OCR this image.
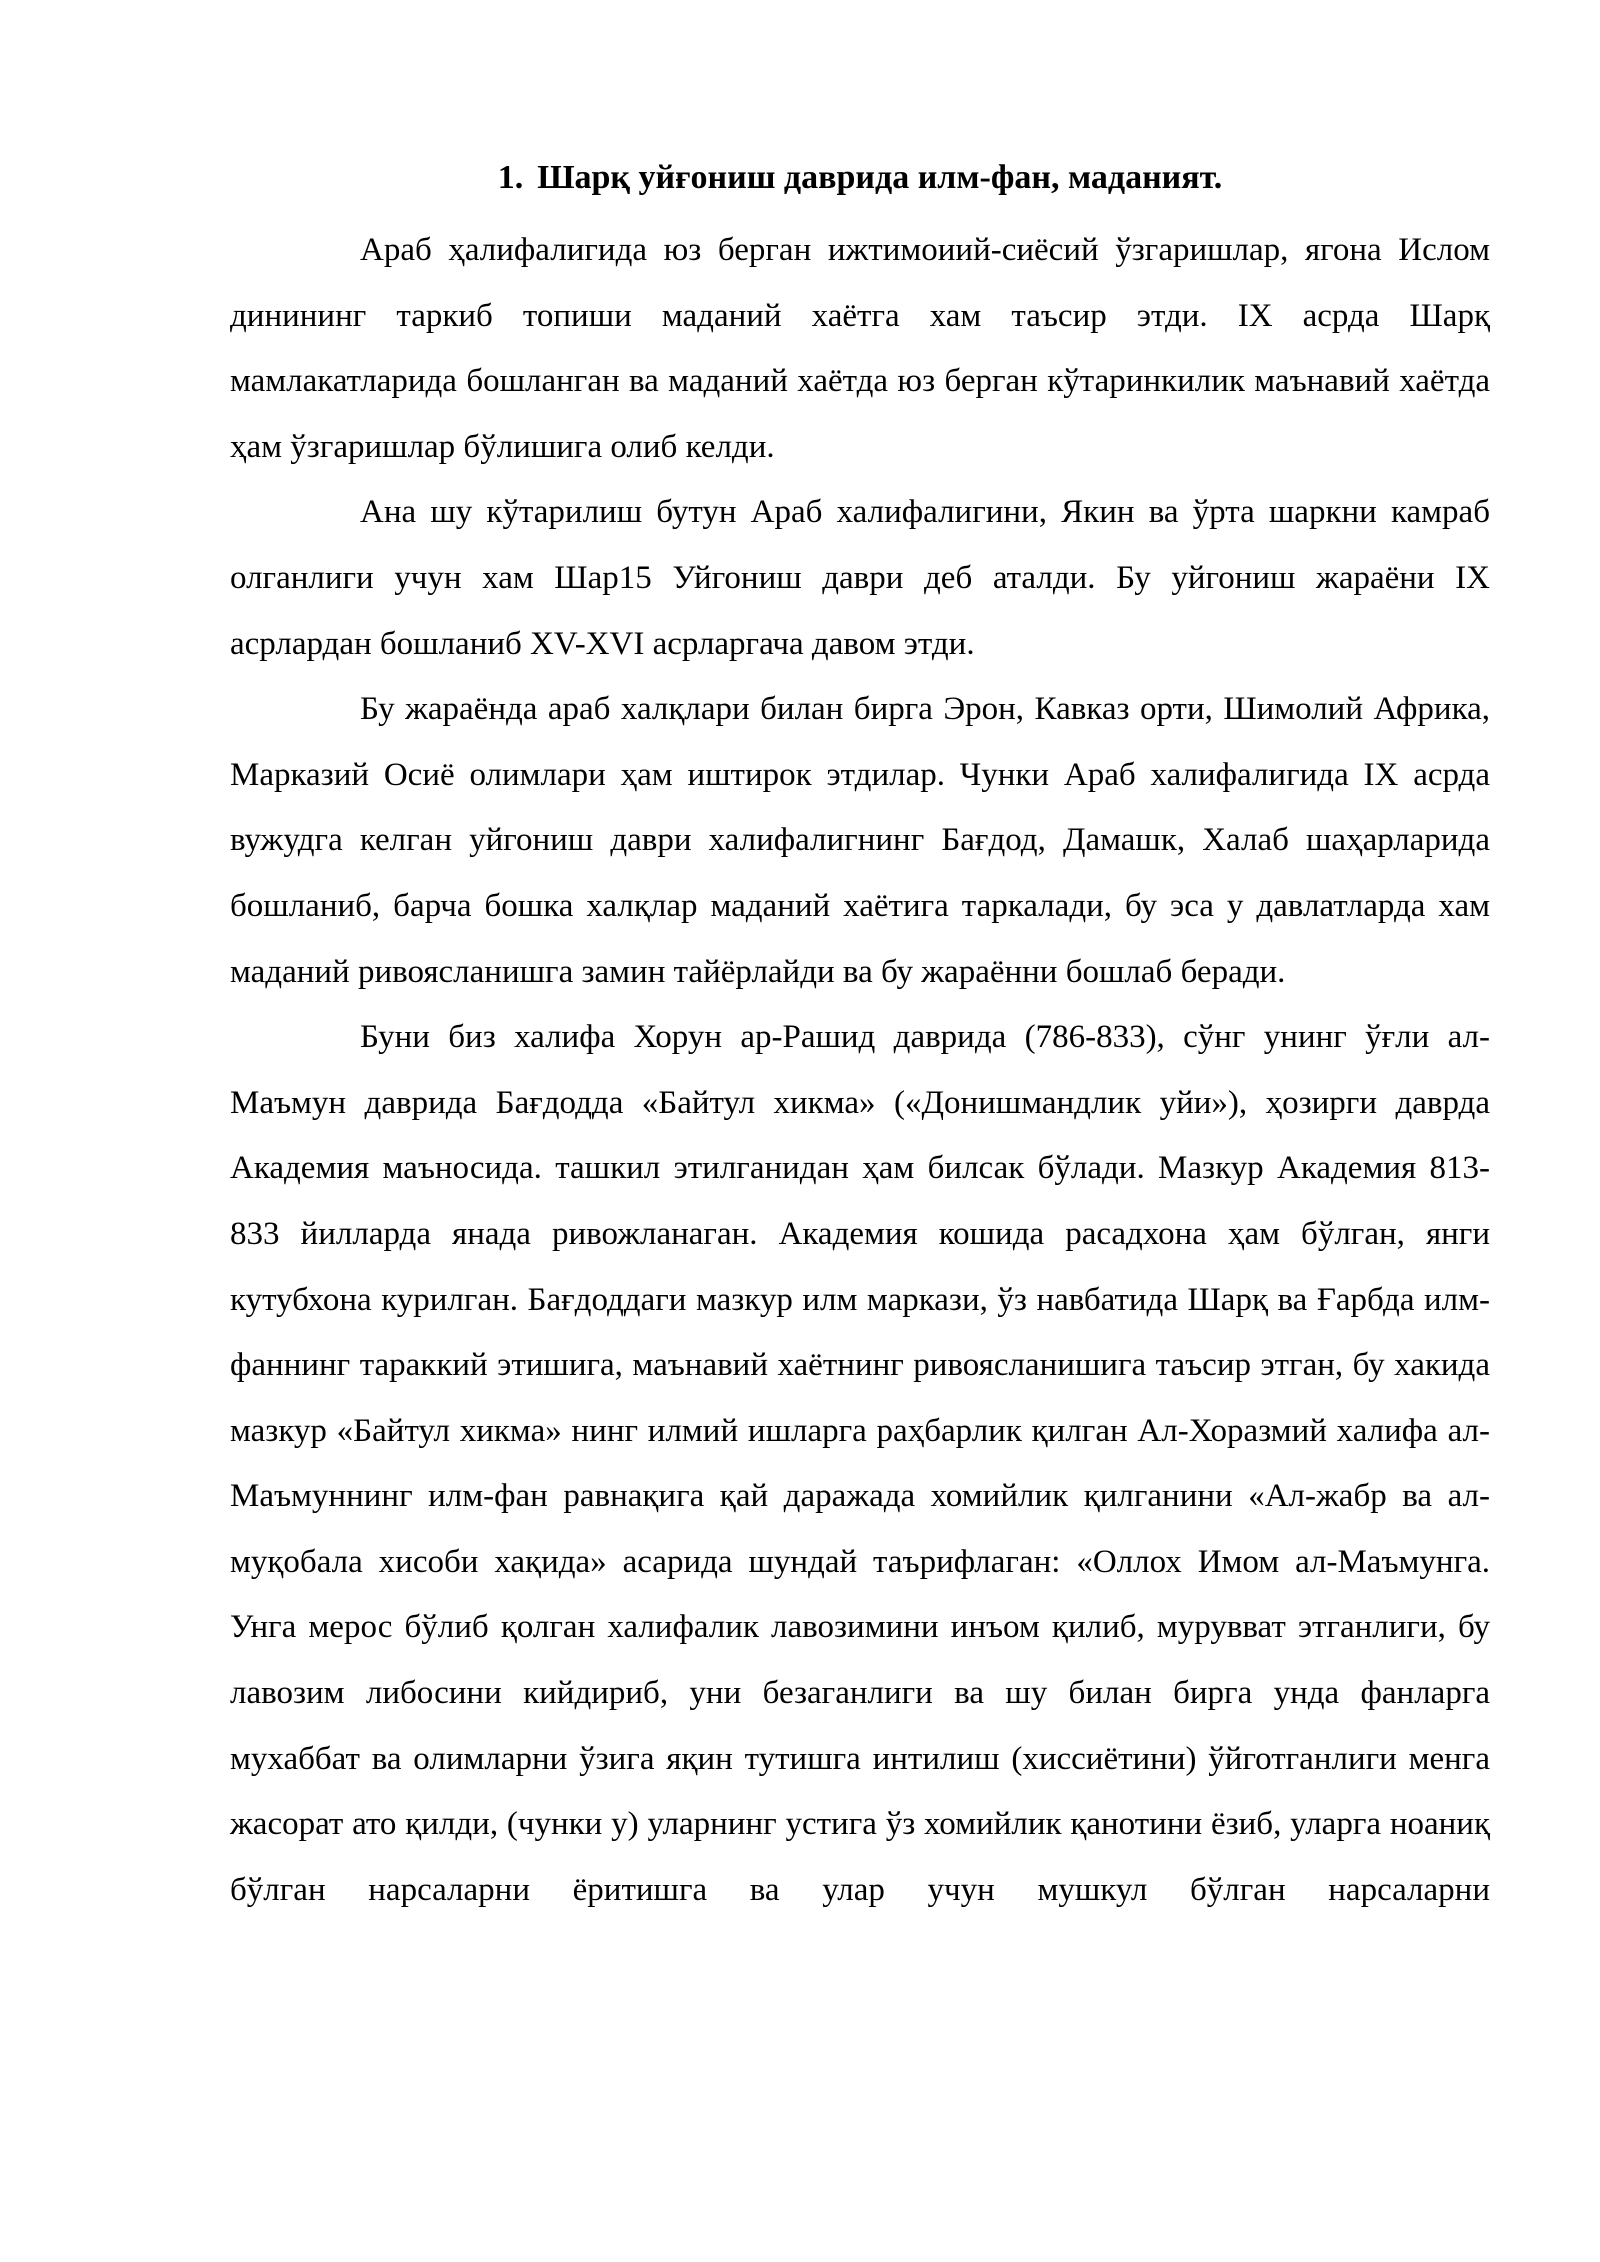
1. Шарқ уйғониш даврида илм-фан, маданият.

Араб ҳалифалигида юз берган ижтимоиий-сиёсий ўзгаришлар, ягона Ислом динининг таркиб топиши маданий хаётга хам таъсир этди. IX асрда Шарқ мамлакатларида бошланган ва маданий хаётда юз берган кўтаринкилик маънавий хаётда ҳам ўзгаришлар бўлишига олиб келди.

Ана шу кўтарилиш бутун Араб халифалигини, Якин ва ўрта шаркни камраб олганлиги учун хам Шар15 Уйгониш даври деб аталди. Бу уйгониш жараёни IX асрлардан бошланиб XV-XVI асрларгача давом этди.

Бу жараёнда араб халқлари билан бирга Эрон, Кавказ орти, Шимолий Африка, Марказий Осиё олимлари ҳам иштирок этдилар. Чунки Араб халифалигида IX асрда вужудга келган уйгониш даври халифалигнинг Бағдод, Дамашк, Халаб шаҳарларида бошланиб, барча бошка халқлар маданий хаётига таркалади, бу эса у давлатларда хам маданий ривоясланишга замин тайёрлайди ва бу жараённи бошлаб беради.

Буни биз халифа Хорун ар-Рашид даврида (786-833), сўнг унинг ўғли ал-Маъмун даврида Бағдодда «Байтул хикма» («Донишмандлик уйи»), ҳозирги даврда Академия маъносида. ташкил этилганидан ҳам билсак бўлади. Мазкур Академия 813-833 йилларда янада ривожланаган. Академия кошида расадхона ҳам бўлган, янги кутубхона курилган. Бағдоддаги мазкур илм маркази, ўз навбатида Шарқ ва Ғарбда илм-фаннинг тараккий этишига, маънавий хаётнинг ривоясланишига таъсир этган, бу хакида мазкур «Байтул хикма» нинг илмий ишларга раҳбарлик қилган Ал-Хоразмий халифа ал-Маъмуннинг илм-фан равнақига қай даражада хомийлик қилганини «Ал-жабр ва ал-муқобала хисоби хақида» асарида шундай таърифлаган: «Оллох Имом ал-Маъмунга. Унга мерос бўлиб қолган халифалик лавозимини инъом қилиб, мурувват этганлиги, бу лавозим либосини кийдириб, уни безаганлиги ва шу билан бирга унда фанларга мухаббат ва олимларни ўзига яқин тутишга интилиш (хиссиётини) ўйготганлиги менга жасорат ато қилди, (чунки у) уларнинг устига ўз хомийлик қанотини ёзиб, уларга ноаниқ бўлган нарсаларни ёритишга ва улар учун мушкул бўлган нарсаларни
